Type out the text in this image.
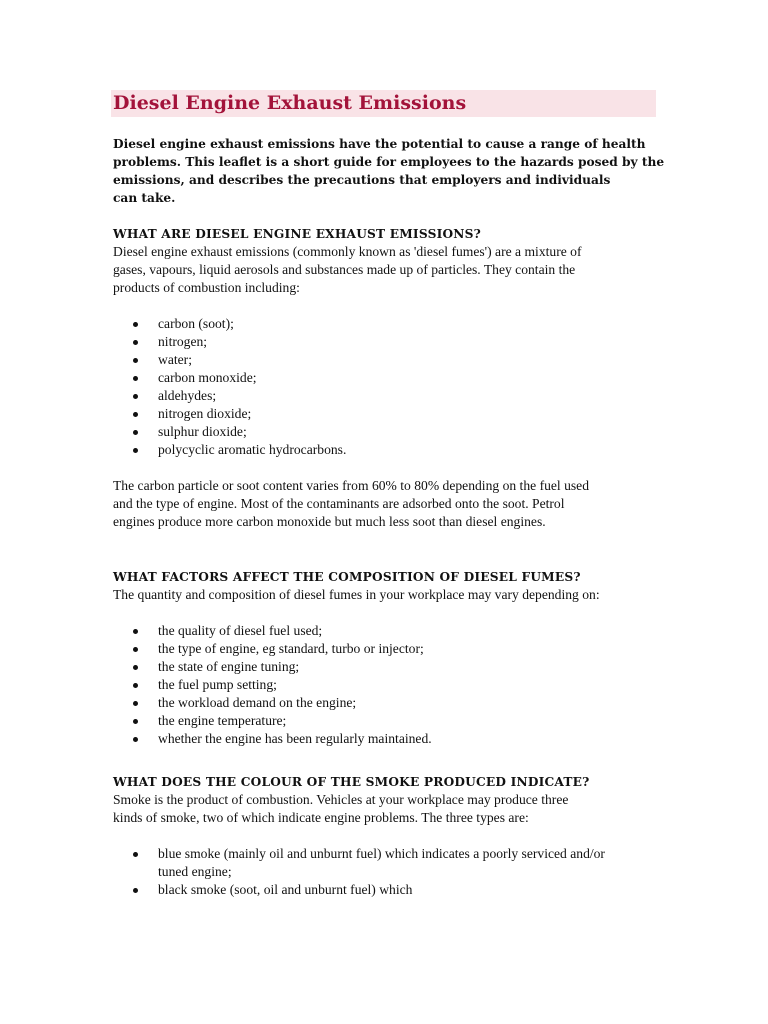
Diesel Engine Exhaust Emissions
Diesel engine exhaust emissions have the potential to cause a range of health
problems. This leaflet is a short guide for employees to the hazards posed by the
emissions, and describes the precautions that employers and individuals
can take.
WHAT ARE DIESEL ENGINE EXHAUST EMISSIONS?
Diesel engine exhaust emissions (commonly known as 'diesel fumes') are a mixture of
gases, vapours, liquid aerosols and substances made up of particles. They contain the
products of combustion including:
carbon (soot);
nitrogen;
water;
carbon monoxide;
aldehydes;
nitrogen dioxide;
sulphur dioxide;
polycyclic aromatic hydrocarbons.
The carbon particle or soot content varies from 60% to 80% depending on the fuel used
and the type of engine. Most of the contaminants are adsorbed onto the soot. Petrol
engines produce more carbon monoxide but much less soot than diesel engines.
WHAT FACTORS AFFECT THE COMPOSITION OF DIESEL FUMES?
The quantity and composition of diesel fumes in your workplace may vary depending on:
the quality of diesel fuel used;
the type of engine, eg standard, turbo or injector;
the state of engine tuning;
the fuel pump setting;
the workload demand on the engine;
the engine temperature;
whether the engine has been regularly maintained.
WHAT DOES THE COLOUR OF THE SMOKE PRODUCED INDICATE?
Smoke is the product of combustion. Vehicles at your workplace may produce three
kinds of smoke, two of which indicate engine problems. The three types are:
blue smoke (mainly oil and unburnt fuel) which indicates a poorly serviced and/or
tuned engine;
black smoke (soot, oil and unburnt fuel) which
